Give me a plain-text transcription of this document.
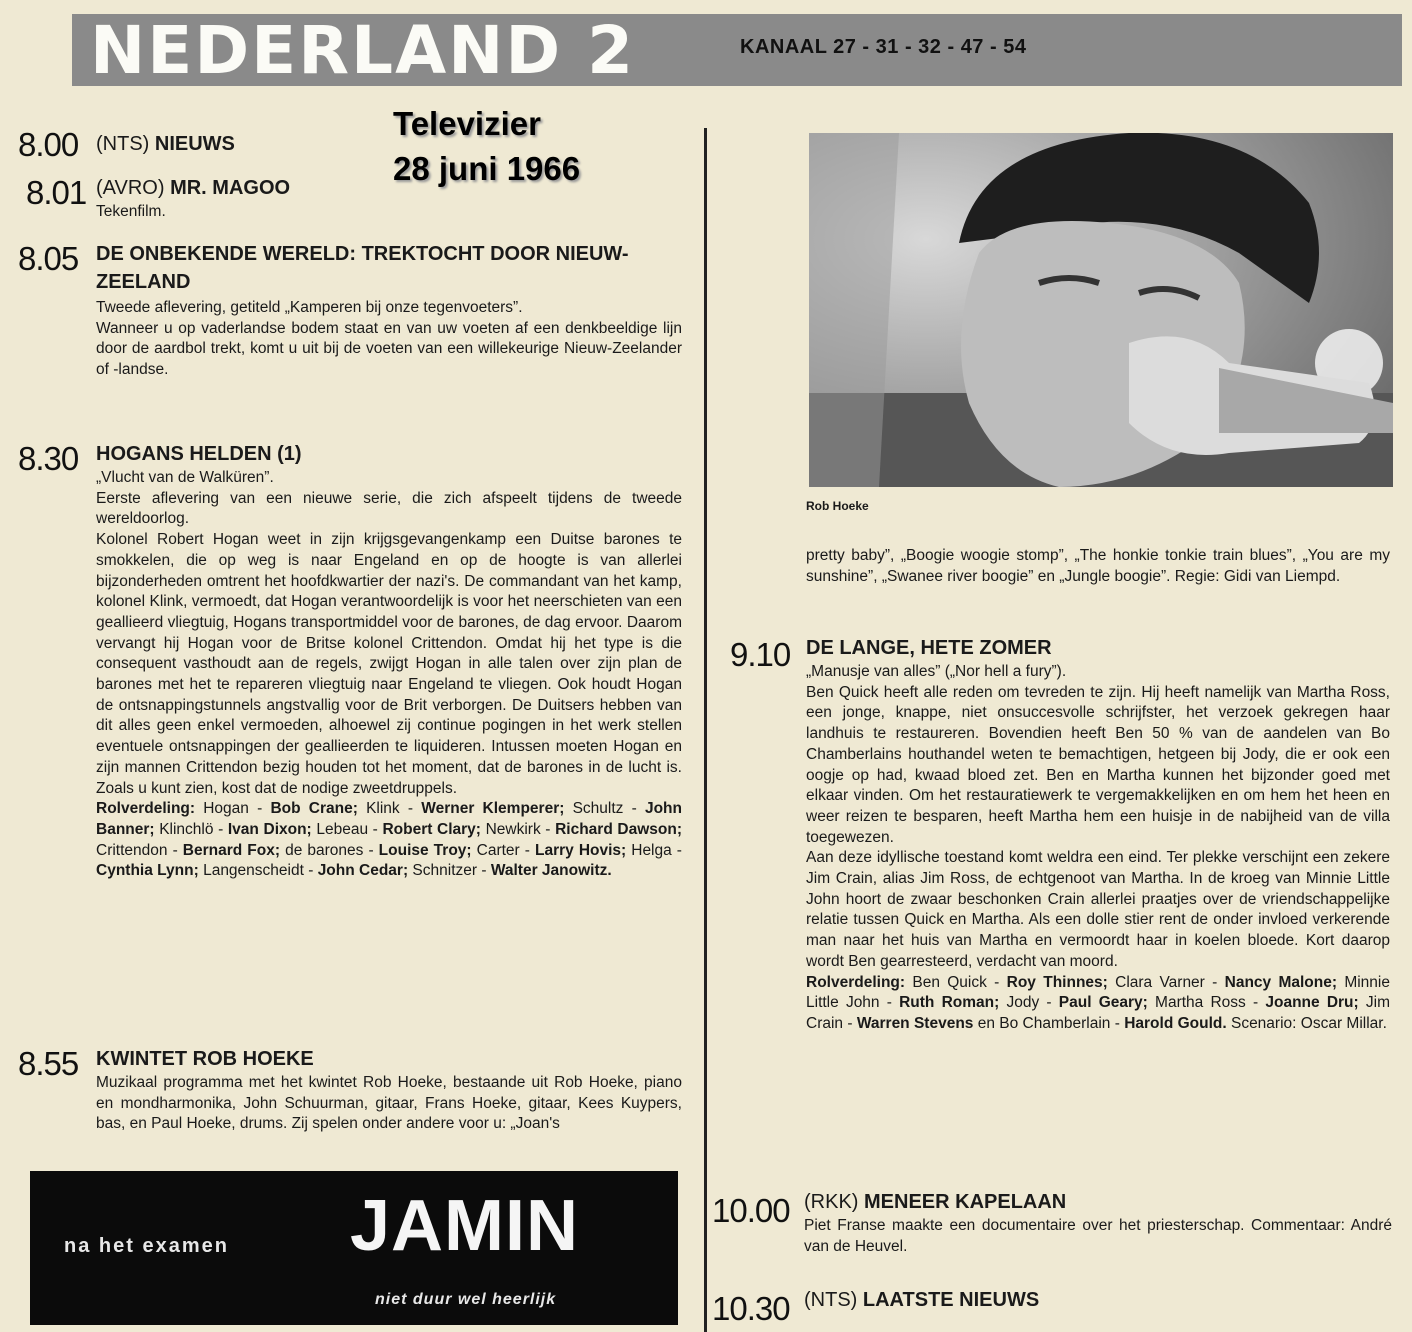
NEDERLAND 2	KANAAL 27 - 31 - 32 - 47 - 54
Televizier
28 juni 1966
8.00 (NTS) NIEUWS
8.01 (AVRO) MR. MAGOO
Tekenfilm.
8.05 DE ONBEKENDE WERELD: TREKTOCHT DOOR NIEUW-ZEELAND

Tweede aflevering, getiteld „Kamperen bij onze tegenvoeters”.

Wanneer u op vaderlandse bodem staat en van uw voeten af een denkbeeldige lijn door de aardbol trekt, komt u uit bij de voeten van een willekeurige Nieuw-Zeelander of -landse.

8.30 HOGANS HELDEN (1)

„Vlucht van de Walküren”.

Eerste aflevering van een nieuwe serie, die zich afspeelt tijdens de tweede wereldoorlog.

Kolonel Robert Hogan weet in zijn krijgsgevangenkamp een Duitse barones te smokkelen, die op weg is naar Engeland en op de hoogte is van allerlei bijzonderheden omtrent het hoofdkwartier der nazi's. De commandant van het kamp, kolonel Klink, vermoedt, dat Hogan verantwoordelijk is voor het neerschieten van een geallieerd vliegtuig, Hogans transportmiddel voor de barones, de dag ervoor. Daarom vervangt hij Hogan voor de Britse kolonel Crittendon. Omdat hij het type is die consequent vasthoudt aan de regels, zwijgt Hogan in alle talen over zijn plan de barones met het te repareren vliegtuig naar Engeland te vliegen. Ook houdt Hogan de ontsnappingstunnels angstvallig voor de Brit verborgen. De Duitsers hebben van dit alles geen enkel vermoeden, alhoewel zij continue pogingen in het werk stellen eventuele ontsnappingen der geallieerden te liquideren. Intussen moeten Hogan en zijn mannen Crittendon bezig houden tot het moment, dat de barones in de lucht is. Zoals u kunt zien, kost dat de nodige zweetdruppels.

Rolverdeling: Hogan - Bob Crane; Klink - Werner Klemperer; Schultz - John Banner; Klinchlö - Ivan Dixon; Lebeau - Robert Clary; Newkirk - Richard Dawson; Crittendon - Bernard Fox; de barones - Louise Troy; Carter - Larry Hovis; Helga - Cynthia Lynn; Langenscheidt - John Cedar; Schnitzer - Walter Janowitz.

8.55 KWINTET ROB HOEKE
Muzikaal programma met het kwintet Rob Hoeke, bestaande uit Rob Hoeke, piano en mondharmonika, John Schuurman, gitaar, Frans Hoeke, gitaar, Kees Kuypers, bas, en Paul Hoeke, drums. Zij spelen onder andere voor u: „Joan's
Rob Hoeke
pretty baby”, „Boogie woogie stomp”, „The honkie tonkie train blues”, „You are my sunshine”, „Swanee river boogie” en „Jungle boogie”. Regie: Gidi van Liempd.
9.10 DE LANGE, HETE ZOMER

„Manusje van alles” („Nor hell a fury”).

Ben Quick heeft alle reden om tevreden te zijn. Hij heeft namelijk van Martha Ross, een jonge, knappe, niet onsuccesvolle schrijfster, het verzoek gekregen haar landhuis te restaureren. Bovendien heeft Ben 50 % van de aandelen van Bo Chamberlains houthandel weten te bemachtigen, hetgeen bij Jody, die er ook een oogje op had, kwaad bloed zet. Ben en Martha kunnen het bijzonder goed met elkaar vinden. Om het restauratiewerk te vergemakkelijken en om hem het heen en weer reizen te besparen, heeft Martha hem een huisje in de nabijheid van de villa toegewezen.

Aan deze idyllische toestand komt weldra een eind. Ter plekke verschijnt een zekere Jim Crain, alias Jim Ross, de echtgenoot van Martha. In de kroeg van Minnie Little John hoort de zwaar beschonken Crain allerlei praatjes over de vriendschappelijke relatie tussen Quick en Martha. Als een dolle stier rent de onder invloed verkerende man naar het huis van Martha en vermoordt haar in koelen bloede. Kort daarop wordt Ben gearresteerd, verdacht van moord.

Rolverdeling: Ben Quick - Roy Thinnes; Clara Varner - Nancy Malone; Minnie Little John - Ruth Roman; Jody - Paul Geary; Martha Ross - Joanne Dru; Jim Crain - Warren Stevens en Bo Chamberlain - Harold Gould. Scenario: Oscar Millar.

10.00 (RKK) MENEER KAPELAAN
Piet Franse maakte een documentaire over het priesterschap. Commentaar: André van de Heuvel.
10.30 (NTS) LAATSTE NIEUWS
na het examen JAMIN
niet duur wel heerlijk
